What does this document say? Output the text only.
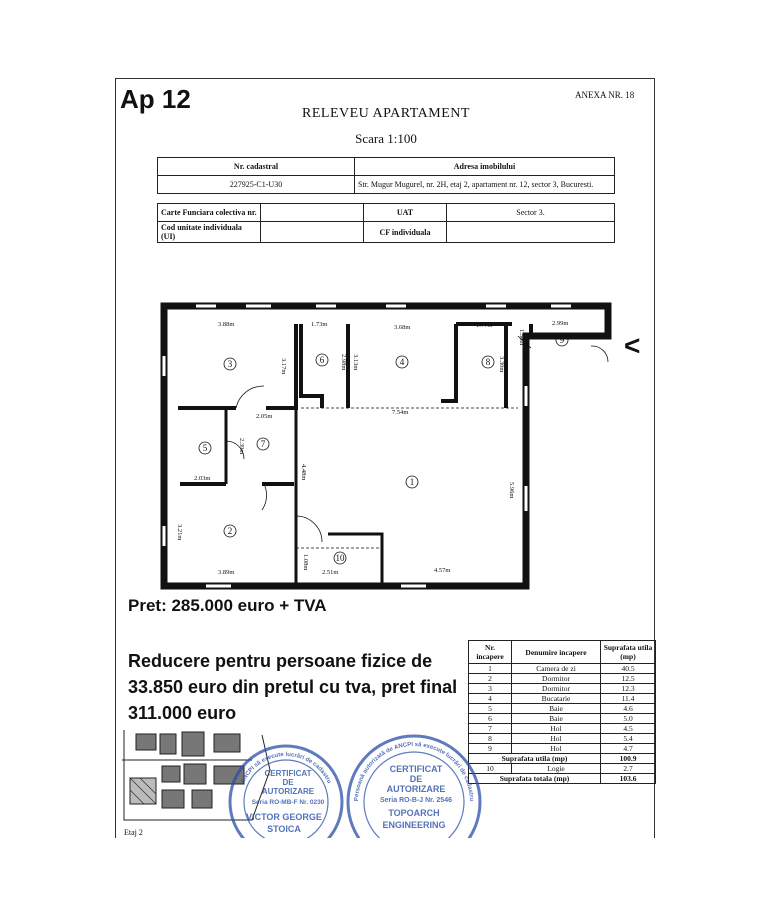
Ap 12	ANEXA NR. 18
RELEVEU APARTAMENT
Scara 1:100
Nr. cadastral	Adresa imobilului
227925-C1-U30	Str. Mugur Mugurel, nr. 2H, etaj 2, apartament nr. 12, sector 3, Bucuresti.
Carte Funciara colectiva nr.		UAT	Sector 3.
Cod unitate individuala (UI)		CF individuala	
3	6	4	8
9
5	7
1
2
10
3.88m	1.73m	3.68m	1.77m	2.99m
3.17m	2.98m 3.13m	3.30m
1.56m
2.05m
7.54m
2.03m
2.39m
4.48m
5.96m
3.21m
3.89m	2.51m	4.57m
1.08m
<
Pret: 285.000 euro + TVA
Reducere pentru persoane fizice de 33.850 euro din pretul cu tva, pret final 311.000 euro
Nr. incapere	Denumire incapere	Suprafata utila (mp)
1	Camera de zi	40.5
2	Dormitor	12.5
3	Dormitor	12.3
4	Bucatarie	11.4
5	Baie	4.6
6	Baie	5.0
7	Hol	4.5
8	Hol	5.4
9	Hol	4.7
Suprafata utila (mp)		100.9
10	Logie	2.7
Suprafata totala (mp)		103.6
Etaj 2
ANCPI să execute lucrări de cadastru
CERTIFICAT
DE
AUTORIZARE
Seria RO-MB-F Nr. 0230
VICTOR GEORGE
STOICA
Persoană autorizată de ANCPI să execute lucrări de cadastru
CERTIFICAT
DE
AUTORIZARE
Seria RO-B-J Nr. 2546
TOPOARCH
ENGINEERING
